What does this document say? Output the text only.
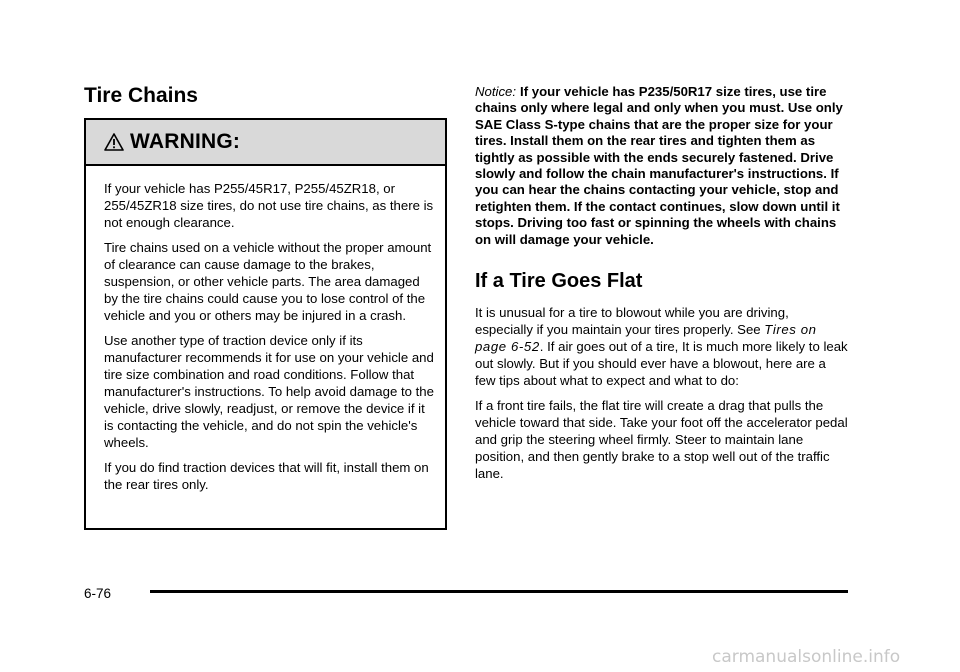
Tire Chains
WARNING:

If your vehicle has P255/45R17, P255/45ZR18, or 255/45ZR18 size tires, do not use tire chains, as there is not enough clearance.

Tire chains used on a vehicle without the proper amount of clearance can cause damage to the brakes, suspension, or other vehicle parts. The area damaged by the tire chains could cause you to lose control of the vehicle and you or others may be injured in a crash.

Use another type of traction device only if its manufacturer recommends it for use on your vehicle and tire size combination and road conditions. Follow that manufacturer's instructions. To help avoid damage to the vehicle, drive slowly, readjust, or remove the device if it is contacting the vehicle, and do not spin the vehicle's wheels.

If you do find traction devices that will fit, install them on the rear tires only.

Notice: If your vehicle has P235/50R17 size tires, use tire chains only where legal and only when you must. Use only SAE Class S-type chains that are the proper size for your tires. Install them on the rear tires and tighten them as tightly as possible with the ends securely fastened. Drive slowly and follow the chain manufacturer's instructions. If you can hear the chains contacting your vehicle, stop and retighten them. If the contact continues, slow down until it stops. Driving too fast or spinning the wheels with chains on will damage your vehicle.

If a Tire Goes Flat

It is unusual for a tire to blowout while you are driving, especially if you maintain your tires properly. See Tires on page 6-52. If air goes out of a tire, It is much more likely to leak out slowly. But if you should ever have a blowout, here are a few tips about what to expect and what to do:

If a front tire fails, the flat tire will create a drag that pulls the vehicle toward that side. Take your foot off the accelerator pedal and grip the steering wheel firmly. Steer to maintain lane position, and then gently brake to a stop well out of the traffic lane.

6-76
carmanualsonline.info
